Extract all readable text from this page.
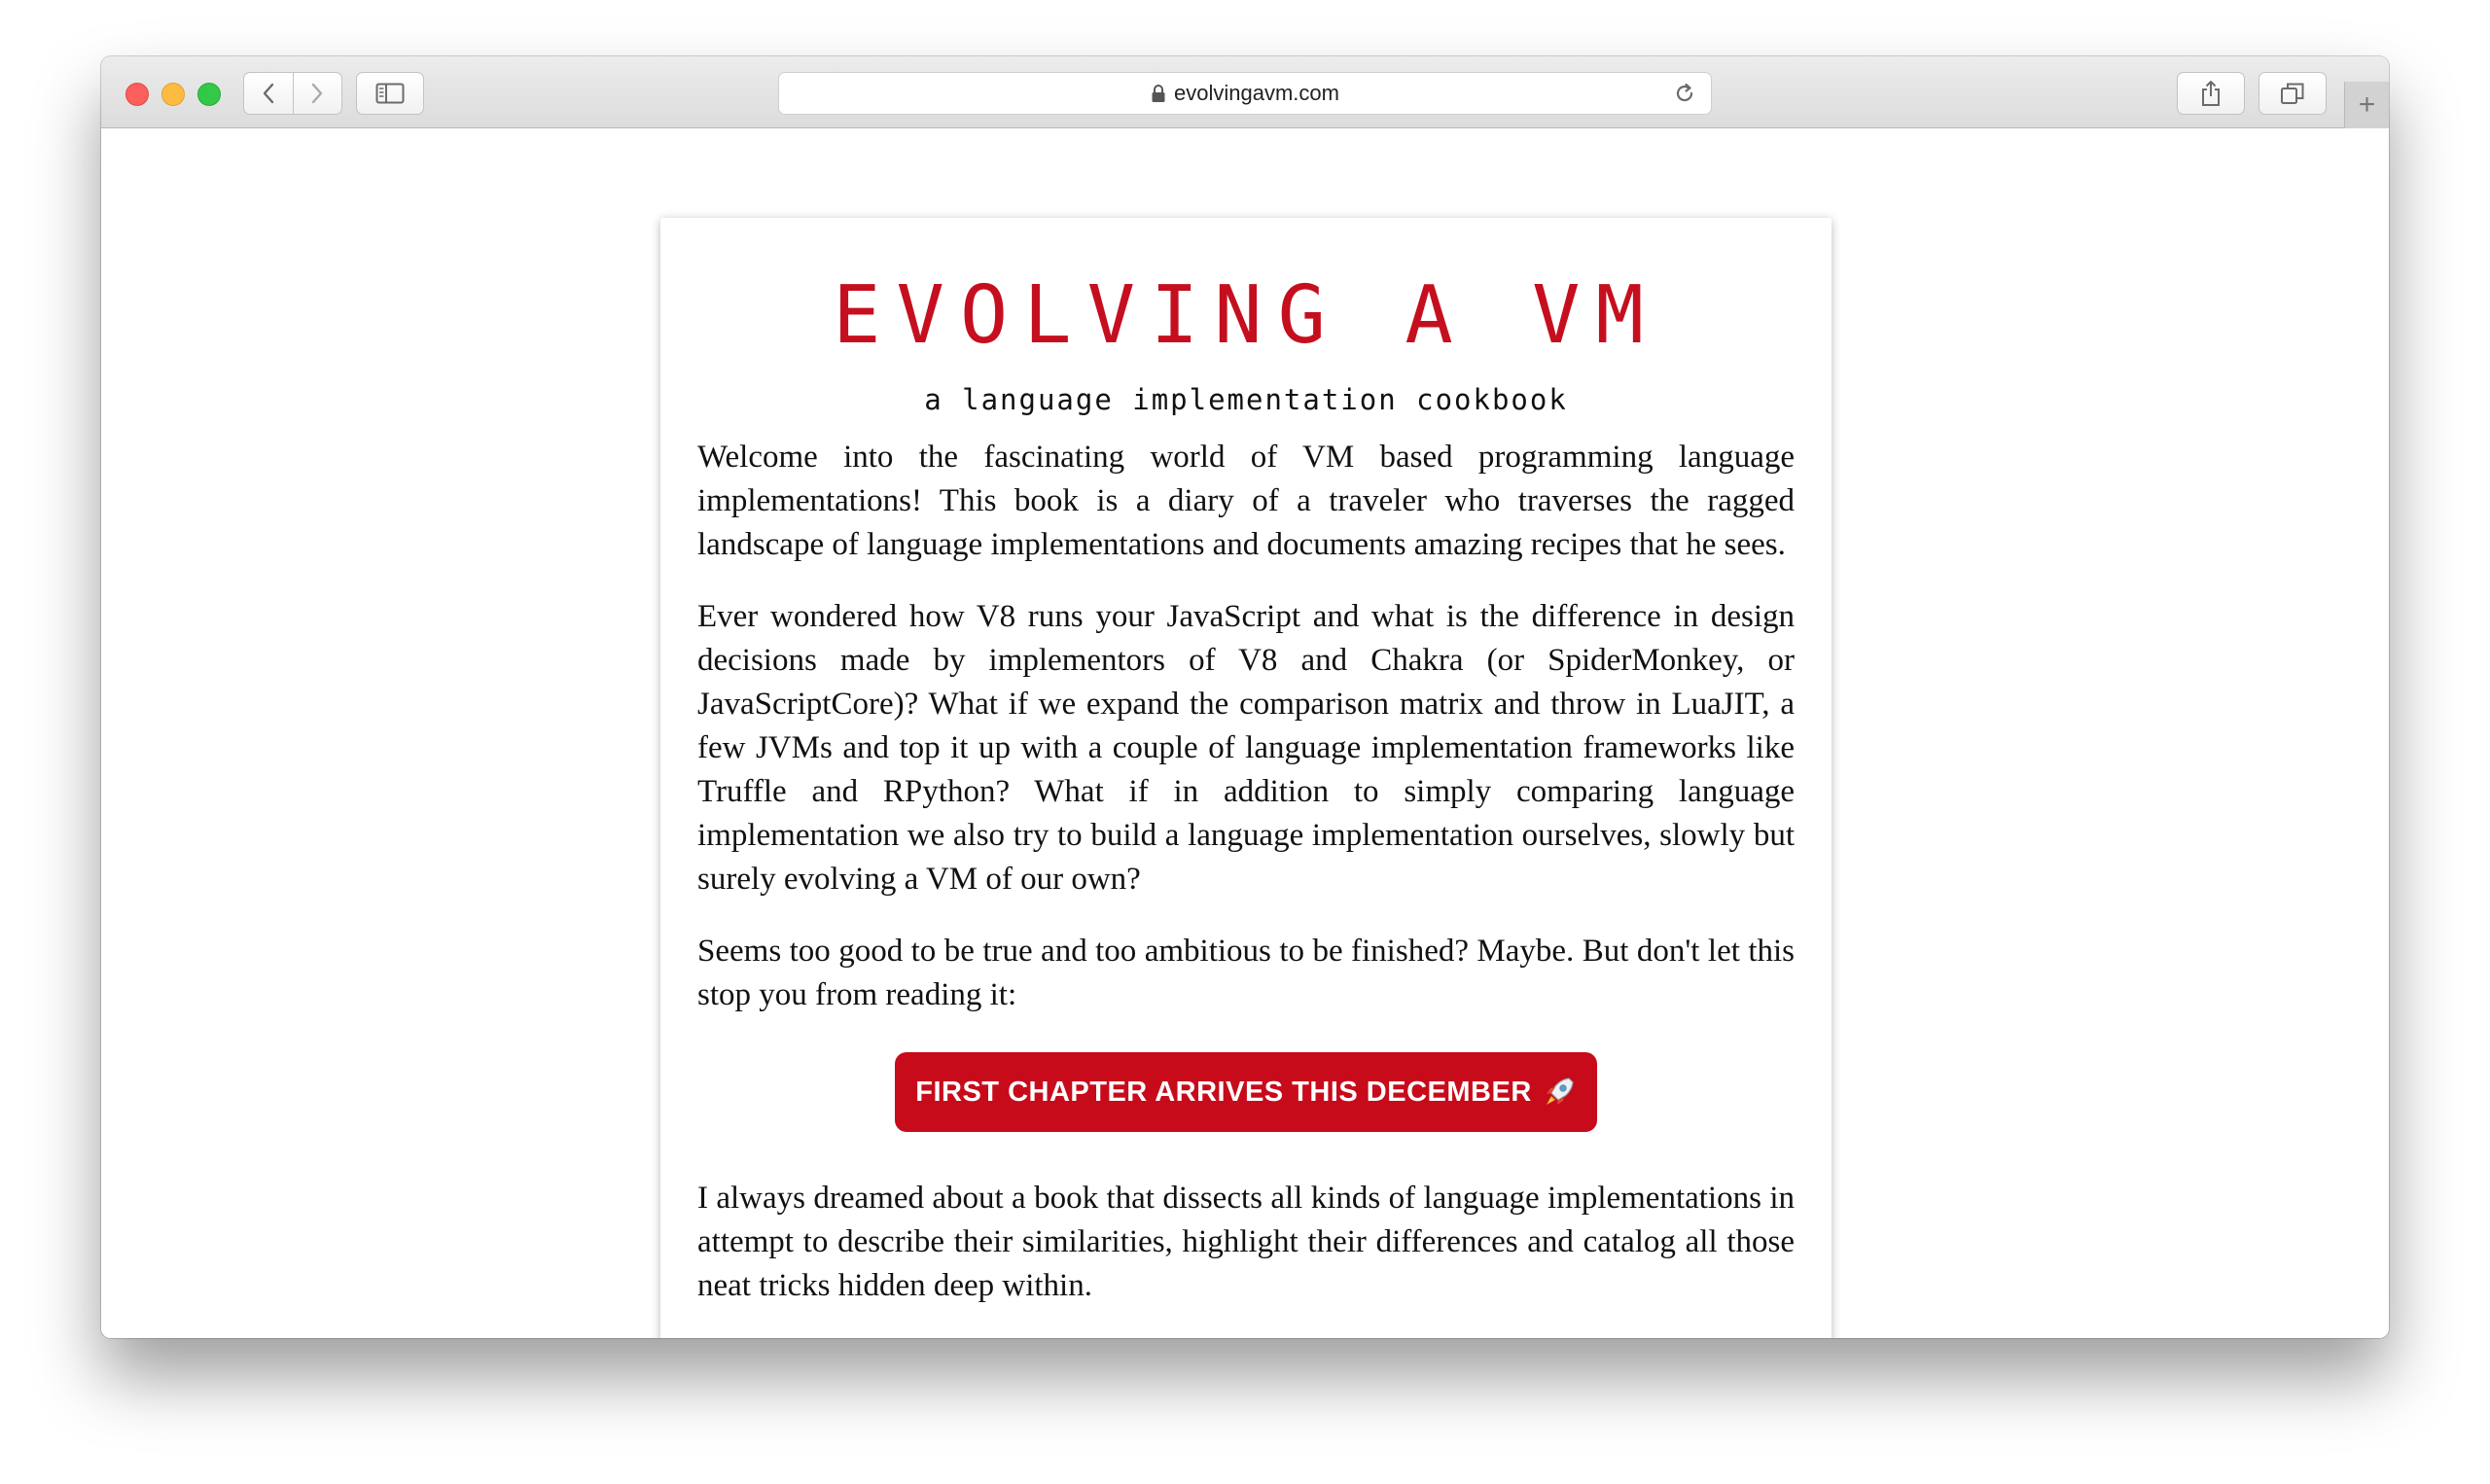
evolvingavm.com	+
EVOLVING A VM
a language implementation cookbook

Welcome into the fascinating world of VM based programming language implementations! This book is a diary of a traveler who traverses the ragged landscape of language implementations and documents amazing recipes that he sees.

Ever wondered how V8 runs your JavaScript and what is the difference in design decisions made by implementors of V8 and Chakra (or SpiderMonkey, or JavaScriptCore)? What if we expand the comparison matrix and throw in LuaJIT, a few JVMs and top it up with a couple of language implementation frameworks like Truffle and RPython? What if in addition to simply comparing language implementation we also try to build a language implementation ourselves, slowly but surely evolving a VM of our own?

Seems too good to be true and too ambitious to be finished? Maybe. But don't let this stop you from reading it:

FIRST CHAPTER ARRIVES THIS DECEMBER

I always dreamed about a book that dissects all kinds of language implementations in attempt to describe their similarities, highlight their differences and catalog all those neat tricks hidden deep within.
